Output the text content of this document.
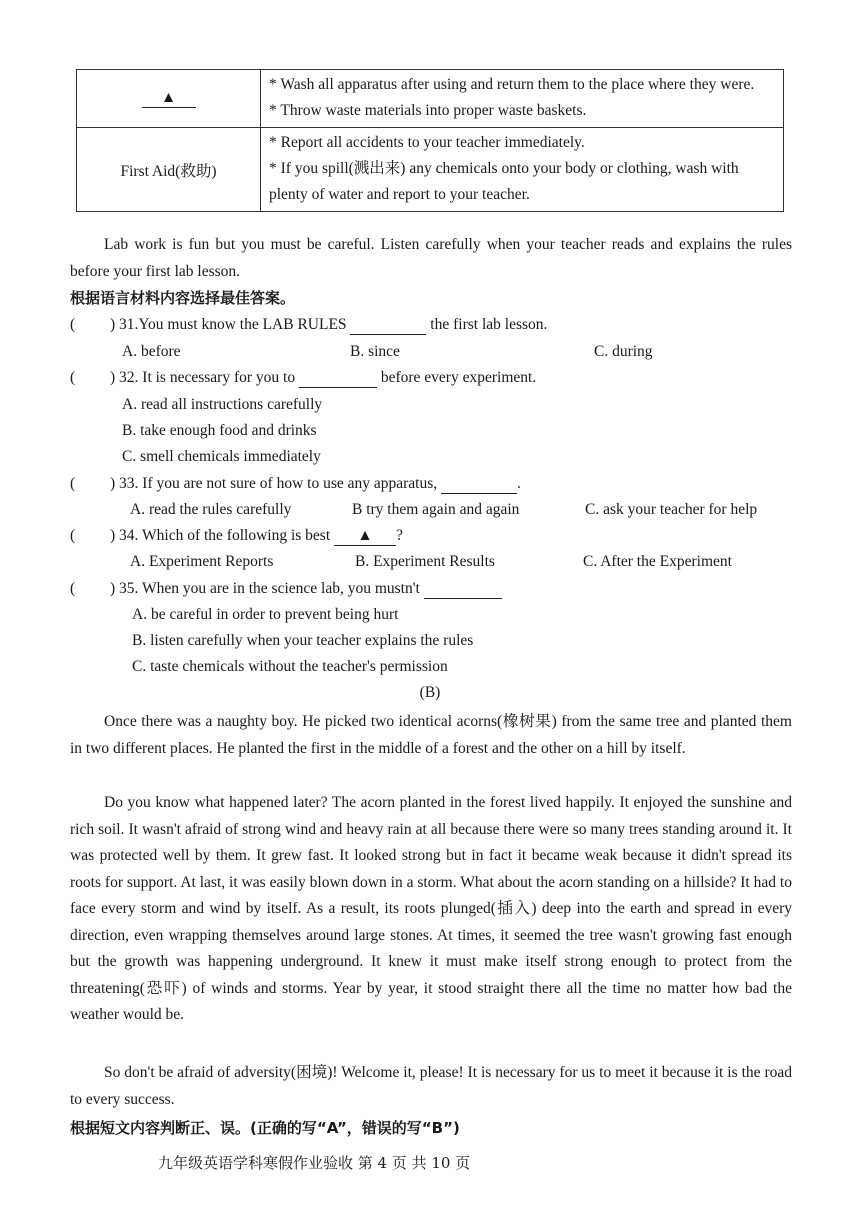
▲	* Wash all apparatus after using and return them to the place where they were.
* Throw waste materials into proper waste baskets.

First Aid(救助)	* Report all accidents to your teacher immediately.
* If you spill(溅出来) any chemicals onto your body or clothing, wash with plenty of water and report to your teacher.
Lab work is fun but you must be careful. Listen carefully when your teacher reads and explains the rules before your first lab lesson.
根据语言材料内容选择最佳答案。
( ) 31.You must know the LAB RULES	the first lab lesson.
A. before	B. since	C. during
( ) 32. It is necessary for you to	before every experiment.
A. read all instructions carefully
B. take enough food and drinks
C. smell chemicals immediately
( ) 33. If you are not sure of how to use any apparatus,	.
A. read the rules carefully	B try them again and again	C. ask your teacher for help
( ) 34. Which of the following is best ▲ ?
A. Experiment Reports	B. Experiment Results	C. After the Experiment
( ) 35. When you are in the science lab, you mustn't
A. be careful in order to prevent being hurt
B. listen carefully when your teacher explains the rules
C. taste chemicals without the teacher's permission
(B)
Once there was a naughty boy. He picked two identical acorns(橡树果) from the same tree and planted them in two different places. He planted the first in the middle of a forest and the other on a hill by itself.
Do you know what happened later? The acorn planted in the forest lived happily. It enjoyed the sunshine and rich soil. It wasn't afraid of strong wind and heavy rain at all because there were so many trees standing around it. It was protected well by them. It grew fast. It looked strong but in fact it became weak because it didn't spread its roots for support. At last, it was easily blown down in a storm. What about the acorn standing on a hillside? It had to face every storm and wind by itself. As a result, its roots plunged(插入) deep into the earth and spread in every direction, even wrapping themselves around large stones. At times, it seemed the tree wasn't growing fast enough but the growth was happening underground. It knew it must make itself strong enough to protect from the threatening(恐吓) of winds and storms. Year by year, it stood straight there all the time no matter how bad the weather would be.
So don't be afraid of adversity(困境)! Welcome it, please! It is necessary for us to meet it because it is the road to every success.
根据短文内容判断正、误。(正确的写“A”，错误的写“B”)
九年级英语学科寒假作业验收 第 4 页 共 10 页
